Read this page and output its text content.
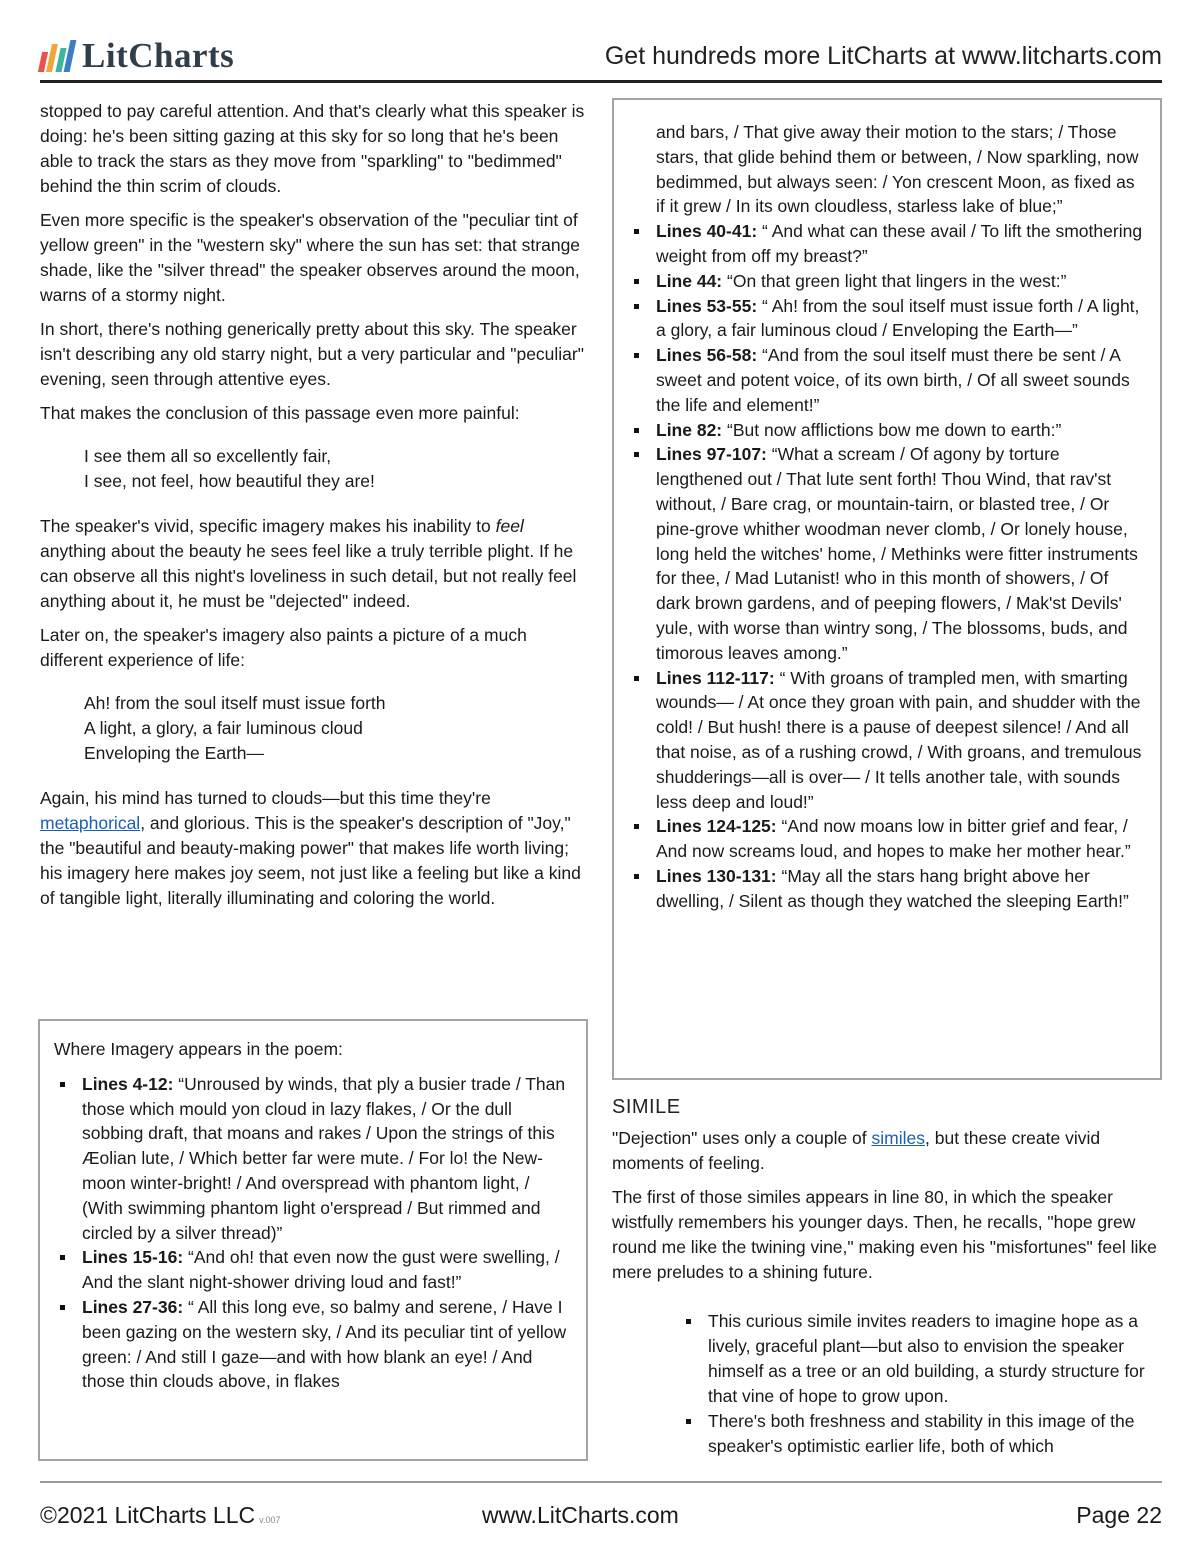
LitCharts	Get hundreds more LitCharts at www.litcharts.com

stopped to pay careful attention. And that's clearly what this speaker is doing: he's been sitting gazing at this sky for so long that he's been able to track the stars as they move from "sparkling" to "bedimmed" behind the thin scrim of clouds.

Even more specific is the speaker's observation of the "peculiar tint of yellow green" in the "western sky" where the sun has set: that strange shade, like the "silver thread" the speaker observes around the moon, warns of a stormy night.

In short, there's nothing generically pretty about this sky. The speaker isn't describing any old starry night, but a very particular and "peculiar" evening, seen through attentive eyes.

That makes the conclusion of this passage even more painful:

I see them all so excellently fair,
I see, not feel, how beautiful they are!

The speaker's vivid, specific imagery makes his inability to feel anything about the beauty he sees feel like a truly terrible plight. If he can observe all this night's loveliness in such detail, but not really feel anything about it, he must be "dejected" indeed.

Later on, the speaker's imagery also paints a picture of a much different experience of life:

Ah! from the soul itself must issue forth
A light, a glory, a fair luminous cloud
Enveloping the Earth—

Again, his mind has turned to clouds—but this time they're metaphorical, and glorious. This is the speaker's description of "Joy," the "beautiful and beauty-making power" that makes life worth living; his imagery here makes joy seem, not just like a feeling but like a kind of tangible light, literally illuminating and coloring the world.

Where Imagery appears in the poem:
Lines 4-12: “Unroused by winds, that ply a busier trade / Than those which mould yon cloud in lazy flakes, / Or the dull sobbing draft, that moans and rakes / Upon the strings of this Æolian lute, / Which better far were mute. / For lo! the New-moon winter-bright! / And overspread with phantom light, / (With swimming phantom light o'erspread / But rimmed and circled by a silver thread)”
Lines 15-16: “And oh! that even now the gust were swelling, / And the slant night-shower driving loud and fast!”
Lines 27-36: “ All this long eve, so balmy and serene, / Have I been gazing on the western sky, / And its peculiar tint of yellow green: / And still I gaze—and with how blank an eye! / And those thin clouds above, in flakes
and bars, / That give away their motion to the stars; / Those stars, that glide behind them or between, / Now sparkling, now bedimmed, but always seen: / Yon crescent Moon, as fixed as if it grew / In its own cloudless, starless lake of blue;”
Lines 40-41: “ And what can these avail / To lift the smothering weight from off my breast?”
Line 44: “On that green light that lingers in the west:”
Lines 53-55: “ Ah! from the soul itself must issue forth / A light, a glory, a fair luminous cloud / Enveloping the Earth—”
Lines 56-58: “And from the soul itself must there be sent / A sweet and potent voice, of its own birth, / Of all sweet sounds the life and element!”
Line 82: “But now afflictions bow me down to earth:”
Lines 97-107: “What a scream / Of agony by torture lengthened out / That lute sent forth! Thou Wind, that rav'st without, / Bare crag, or mountain-tairn, or blasted tree, / Or pine-grove whither woodman never clomb, / Or lonely house, long held the witches' home, / Methinks were fitter instruments for thee, / Mad Lutanist! who in this month of showers, / Of dark brown gardens, and of peeping flowers, / Mak'st Devils' yule, with worse than wintry song, / The blossoms, buds, and timorous leaves among.”
Lines 112-117: “ With groans of trampled men, with smarting wounds— / At once they groan with pain, and shudder with the cold! / But hush! there is a pause of deepest silence! / And all that noise, as of a rushing crowd, / With groans, and tremulous shudderings—all is over— / It tells another tale, with sounds less deep and loud!”
Lines 124-125: “And now moans low in bitter grief and fear, / And now screams loud, and hopes to make her mother hear.”
Lines 130-131: “May all the stars hang bright above her dwelling, / Silent as though they watched the sleeping Earth!”
SIMILE

"Dejection" uses only a couple of similes, but these create vivid moments of feeling.

The first of those similes appears in line 80, in which the speaker wistfully remembers his younger days. Then, he recalls, "hope grew round me like the twining vine," making even his "misfortunes" feel like mere preludes to a shining future.

This curious simile invites readers to imagine hope as a lively, graceful plant—but also to envision the speaker himself as a tree or an old building, a sturdy structure for that vine of hope to grow upon.
There's both freshness and stability in this image of the speaker's optimistic earlier life, both of which
©2021 LitCharts LLC v.007	www.LitCharts.com	Page 22
